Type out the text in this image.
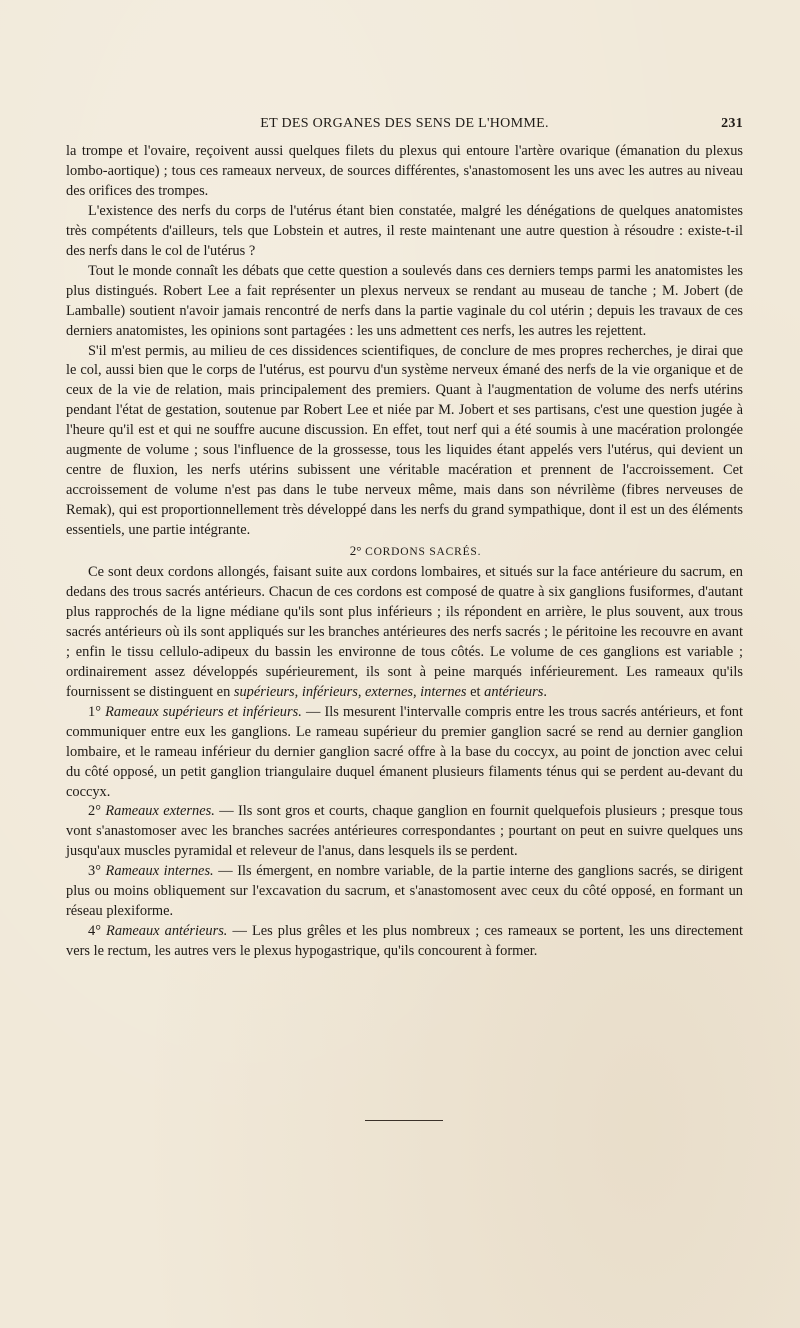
ET DES ORGANES DES SENS DE L'HOMME.	231

la trompe et l'ovaire, reçoivent aussi quelques filets du plexus qui entoure l'artère ovarique (émanation du plexus lombo-aortique) ; tous ces rameaux nerveux, de sources différentes, s'anastomosent les uns avec les autres au niveau des orifices des trompes.

L'existence des nerfs du corps de l'utérus étant bien constatée, malgré les dénégations de quelques anatomistes très compétents d'ailleurs, tels que Lobstein et autres, il reste maintenant une autre question à résoudre : existe-t-il des nerfs dans le col de l'utérus ?

Tout le monde connaît les débats que cette question a soulevés dans ces derniers temps parmi les anatomistes les plus distingués. Robert Lee a fait représenter un plexus nerveux se rendant au museau de tanche ; M. Jobert (de Lamballe) soutient n'avoir jamais rencontré de nerfs dans la partie vaginale du col utérin ; depuis les travaux de ces derniers anatomistes, les opinions sont partagées : les uns admettent ces nerfs, les autres les rejettent.

S'il m'est permis, au milieu de ces dissidences scientifiques, de conclure de mes propres recherches, je dirai que le col, aussi bien que le corps de l'utérus, est pourvu d'un système nerveux émané des nerfs de la vie organique et de ceux de la vie de relation, mais principalement des premiers. Quant à l'augmentation de volume des nerfs utérins pendant l'état de gestation, soutenue par Robert Lee et niée par M. Jobert et ses partisans, c'est une question jugée à l'heure qu'il est et qui ne souffre aucune discussion. En effet, tout nerf qui a été soumis à une macération prolongée augmente de volume ; sous l'influence de la grossesse, tous les liquides étant appelés vers l'utérus, qui devient un centre de fluxion, les nerfs utérins subissent une véritable macération et prennent de l'accroissement. Cet accroissement de volume n'est pas dans le tube nerveux même, mais dans son névrilème (fibres nerveuses de Remak), qui est proportionnellement très développé dans les nerfs du grand sympathique, dont il est un des éléments essentiels, une partie intégrante.

2° CORDONS SACRÉS.

Ce sont deux cordons allongés, faisant suite aux cordons lombaires, et situés sur la face antérieure du sacrum, en dedans des trous sacrés antérieurs. Chacun de ces cordons est composé de quatre à six ganglions fusiformes, d'autant plus rapprochés de la ligne médiane qu'ils sont plus inférieurs ; ils répondent en arrière, le plus souvent, aux trous sacrés antérieurs où ils sont appliqués sur les branches antérieures des nerfs sacrés ; le péritoine les recouvre en avant ; enfin le tissu cellulo-adipeux du bassin les environne de tous côtés. Le volume de ces ganglions est variable ; ordinairement assez développés supérieurement, ils sont à peine marqués inférieurement. Les rameaux qu'ils fournissent se distinguent en supérieurs, inférieurs, externes, internes et antérieurs.

1° Rameaux supérieurs et inférieurs. — Ils mesurent l'intervalle compris entre les trous sacrés antérieurs, et font communiquer entre eux les ganglions. Le rameau supérieur du premier ganglion sacré se rend au dernier ganglion lombaire, et le rameau inférieur du dernier ganglion sacré offre à la base du coccyx, au point de jonction avec celui du côté opposé, un petit ganglion triangulaire duquel émanent plusieurs filaments ténus qui se perdent au-devant du coccyx.

2° Rameaux externes. — Ils sont gros et courts, chaque ganglion en fournit quelquefois plusieurs ; presque tous vont s'anastomoser avec les branches sacrées antérieures correspondantes ; pourtant on peut en suivre quelques uns jusqu'aux muscles pyramidal et releveur de l'anus, dans lesquels ils se perdent.

3° Rameaux internes. — Ils émergent, en nombre variable, de la partie interne des ganglions sacrés, se dirigent plus ou moins obliquement sur l'excavation du sacrum, et s'anastomosent avec ceux du côté opposé, en formant un réseau plexiforme.

4° Rameaux antérieurs. — Les plus grêles et les plus nombreux ; ces rameaux se portent, les uns directement vers le rectum, les autres vers le plexus hypogastrique, qu'ils concourent à former.
